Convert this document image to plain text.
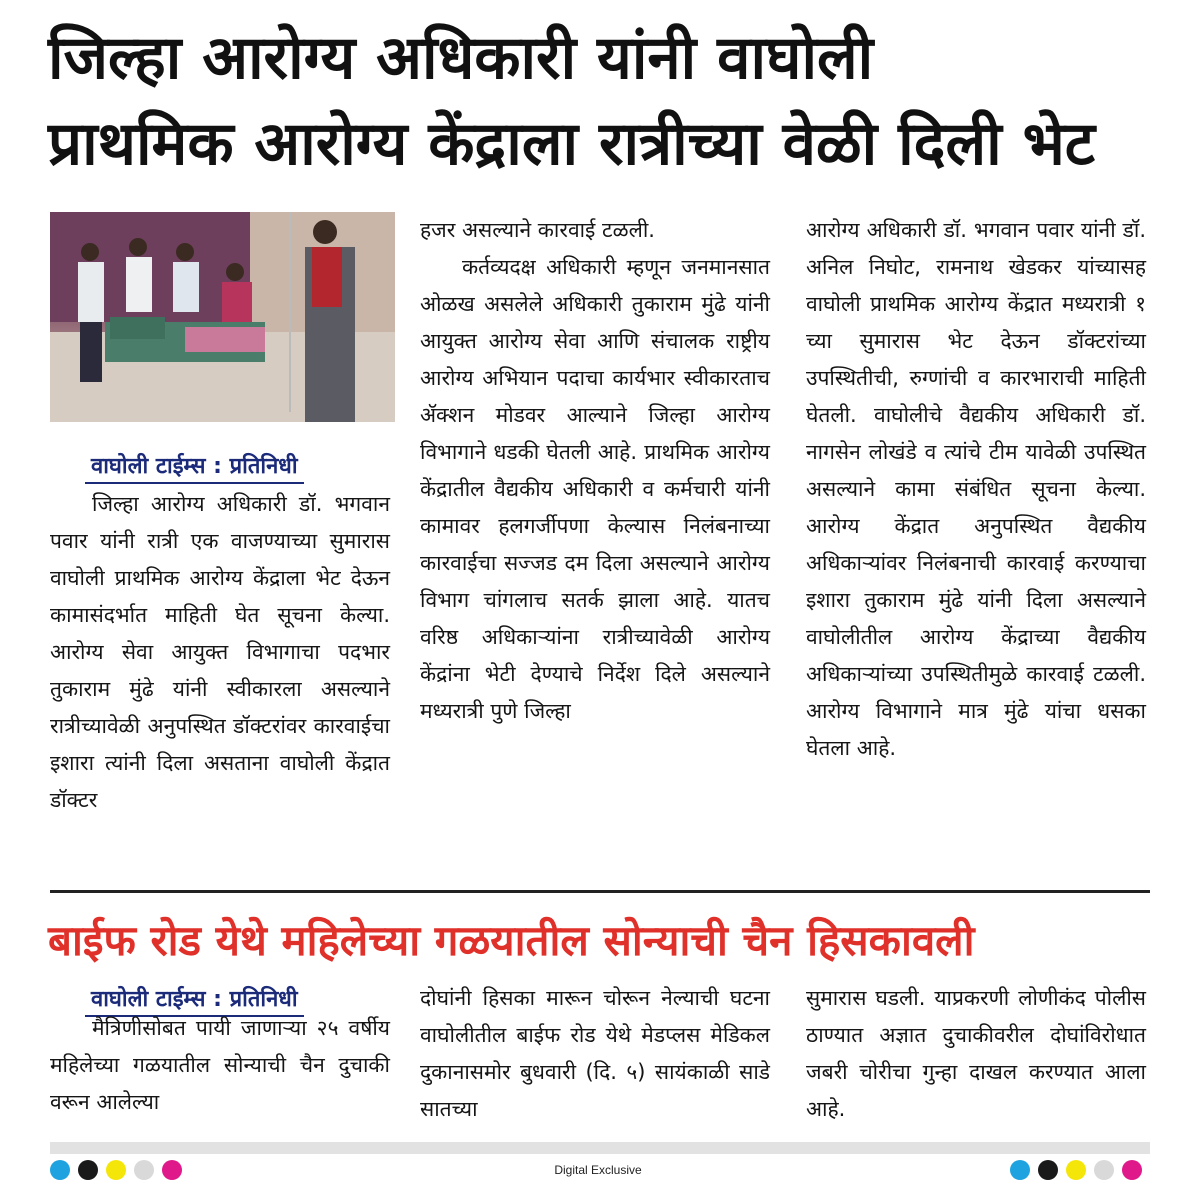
जिल्हा आरोग्य अधिकारी यांनी वाघोली
प्राथमिक आरोग्य केंद्राला रात्रीच्या वेळी दिली भेट
वाघोली टाईम्स : प्रतिनिधी

जिल्हा आरोग्य अधिकारी डॉ. भगवान पवार यांनी रात्री एक वाजण्याच्या सुमारास वाघोली प्राथमिक आरोग्य केंद्राला भेट देऊन कामासंदर्भात माहिती घेत सूचना केल्या. आरोग्य सेवा आयुक्त विभागाचा पदभार तुकाराम मुंढे यांनी स्वीकारला असल्याने रात्रीच्यावेळी अनुपस्थित डॉक्टरांवर कारवाईचा इशारा त्यांनी दिला असताना वाघोली केंद्रात डॉक्टर

हजर असल्याने कारवाई टळली.

कर्तव्यदक्ष अधिकारी म्हणून जनमानसात ओळख असलेले अधिकारी तुकाराम मुंढे यांनी आयुक्त आरोग्य सेवा आणि संचालक राष्ट्रीय आरोग्य अभियान पदाचा कार्यभार स्वीकारताच ॲक्शन मोडवर आल्याने जिल्हा आरोग्य विभागाने धडकी घेतली आहे. प्राथमिक आरोग्य केंद्रातील वैद्यकीय अधिकारी व कर्मचारी यांनी कामावर हलगर्जीपणा केल्यास निलंबनाच्या कारवाईचा सज्जड दम दिला असल्याने आरोग्य विभाग चांगलाच सतर्क झाला आहे. यातच वरिष्ठ अधिकाऱ्यांना रात्रीच्यावेळी आरोग्य केंद्रांना भेटी देण्याचे निर्देश दिले असल्याने मध्यरात्री पुणे जिल्हा

आरोग्य अधिकारी डॉ. भगवान पवार यांनी डॉ. अनिल निघोट, रामनाथ खेडकर यांच्यासह वाघोली प्राथमिक आरोग्य केंद्रात मध्यरात्री १ च्या सुमारास भेट देऊन डॉक्टरांच्या उपस्थितीची, रुग्णांची व कारभाराची माहिती घेतली. वाघोलीचे वैद्यकीय अधिकारी डॉ. नागसेन लोखंडे व त्यांचे टीम यावेळी उपस्थित असल्याने कामा संबंधित सूचना केल्या. आरोग्य केंद्रात अनुपस्थित वैद्यकीय अधिकाऱ्यांवर निलंबनाची कारवाई करण्याचा इशारा तुकाराम मुंढे यांनी दिला असल्याने वाघोलीतील आरोग्य केंद्राच्या वैद्यकीय अधिकाऱ्यांच्या उपस्थितीमुळे कारवाई टळली. आरोग्य विभागाने मात्र मुंढे यांचा धसका घेतला आहे.

बाईफ रोड येथे महिलेच्या गळयातील सोन्याची चैन हिसकावली
वाघोली टाईम्स : प्रतिनिधी

मैत्रिणीसोबत पायी जाणाऱ्या २५ वर्षीय महिलेच्या गळयातील सोन्याची चैन दुचाकी वरून आलेल्या

दोघांनी हिसका मारून चोरून नेल्याची घटना वाघोलीतील बाईफ रोड येथे मेडप्लस मेडिकल दुकानासमोर बुधवारी (दि. ५) सायंकाळी साडे सातच्या

सुमारास घडली. याप्रकरणी लोणीकंद पोलीस ठाण्यात अज्ञात दुचाकीवरील दोघांविरोधात जबरी चोरीचा गुन्हा दाखल करण्यात आला आहे.

Digital Exclusive
